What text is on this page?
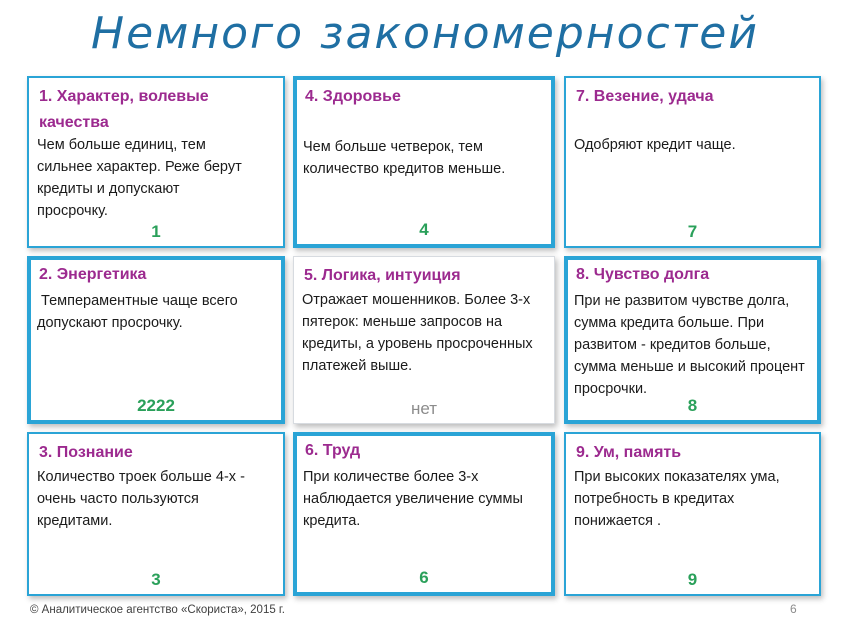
Немного закономерностей
1. Характер, волевые качества
Чем больше единиц, тем сильнее характер. Реже берут кредиты и допускают просрочку.
1
4. Здоровье
Чем больше четверок, тем количество кредитов меньше.
4
7. Везение, удача
Одобряют кредит чаще.
7
2. Энергетика
Темпераментные чаще всего допускают просрочку.
2222
5. Логика, интуиция
Отражает мошенников. Более 3-х пятерок: меньше запросов на кредиты, а уровень просроченных платежей выше.
нет
8. Чувство долга
При не развитом чувстве долга, сумма кредита больше. При развитом - кредитов больше, сумма меньше и высокий процент просрочки.
8
3. Познание
Количество троек больше 4-х - очень часто пользуются кредитами.
3
6. Труд
При количестве более 3-х наблюдается увеличение суммы кредита.
6
9. Ум, память
При высоких показателях ума, потребность в кредитах понижается .
9
© Аналитическое агентство «Скориста», 2015 г.	6
